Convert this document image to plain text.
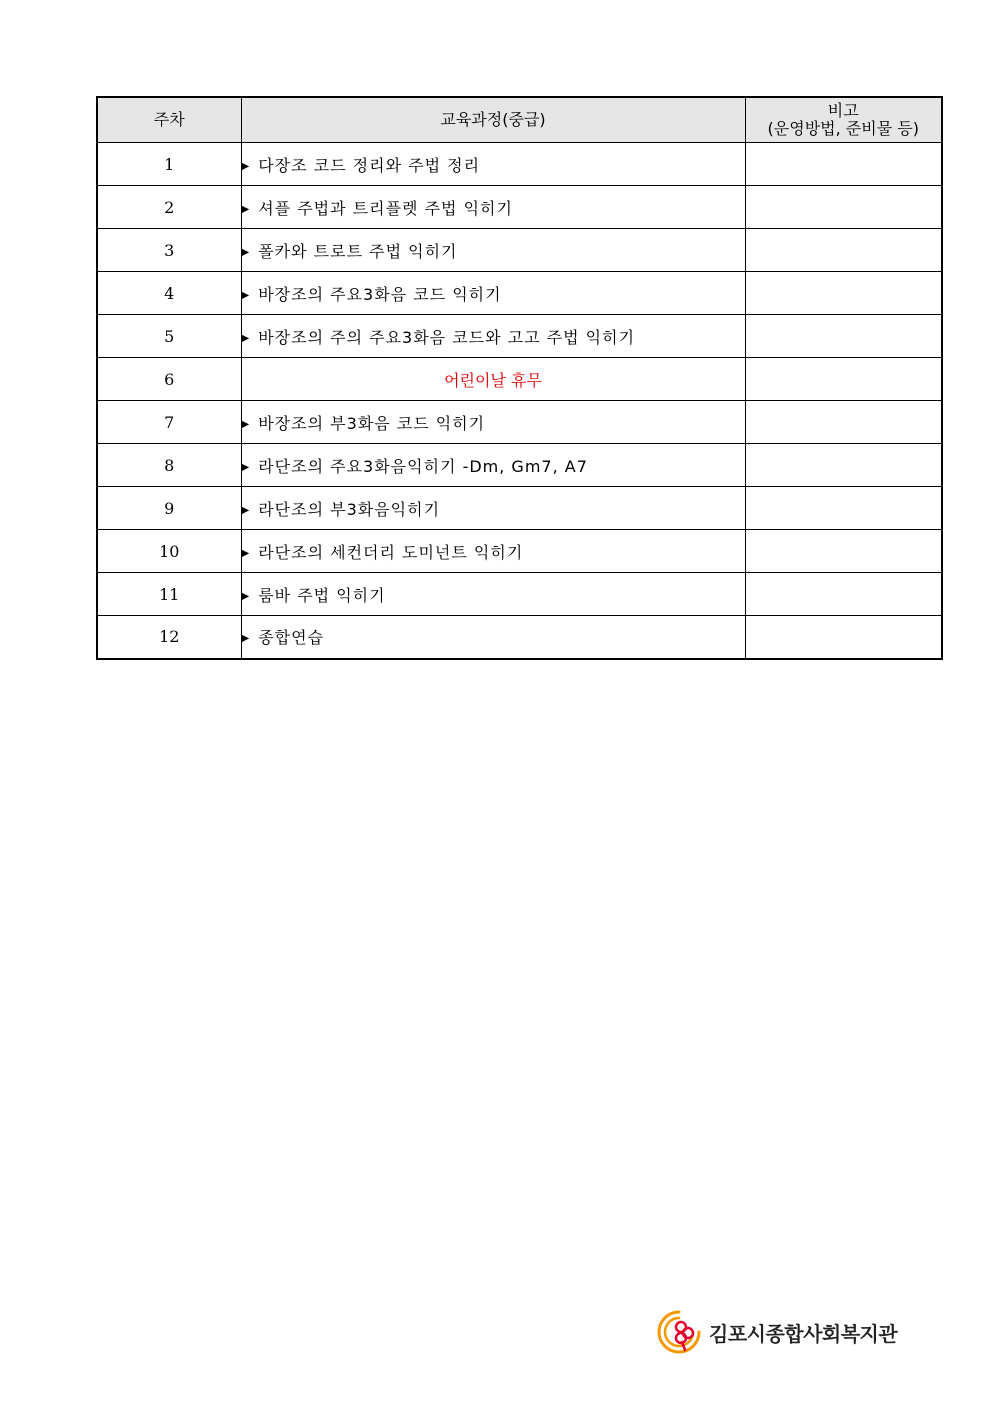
주차	교육과정(중급)	비고
(운영방법, 준비물 등)

1	▶ 다장조 코드 정리와 주법 정리	
2	▶ 셔플 주법과 트리플렛 주법 익히기	
3	▶ 폴카와 트로트 주법 익히기	
4	▶ 바장조의 주요3화음 코드 익히기	
5	▶ 바장조의 주의 주요3화음 코드와 고고 주법 익히기	
6	어린이날 휴무	
7	▶ 바장조의 부3화음 코드 익히기	
8	▶ 라단조의 주요3화음익히기 -Dm, Gm7, A7	
9	▶ 라단조의 부3화음익히기	
10	▶ 라단조의 세컨더리 도미넌트 익히기	
11	▶ 룸바 주법 익히기	
12	▶ 종합연습	
김포시종합사회복지관
